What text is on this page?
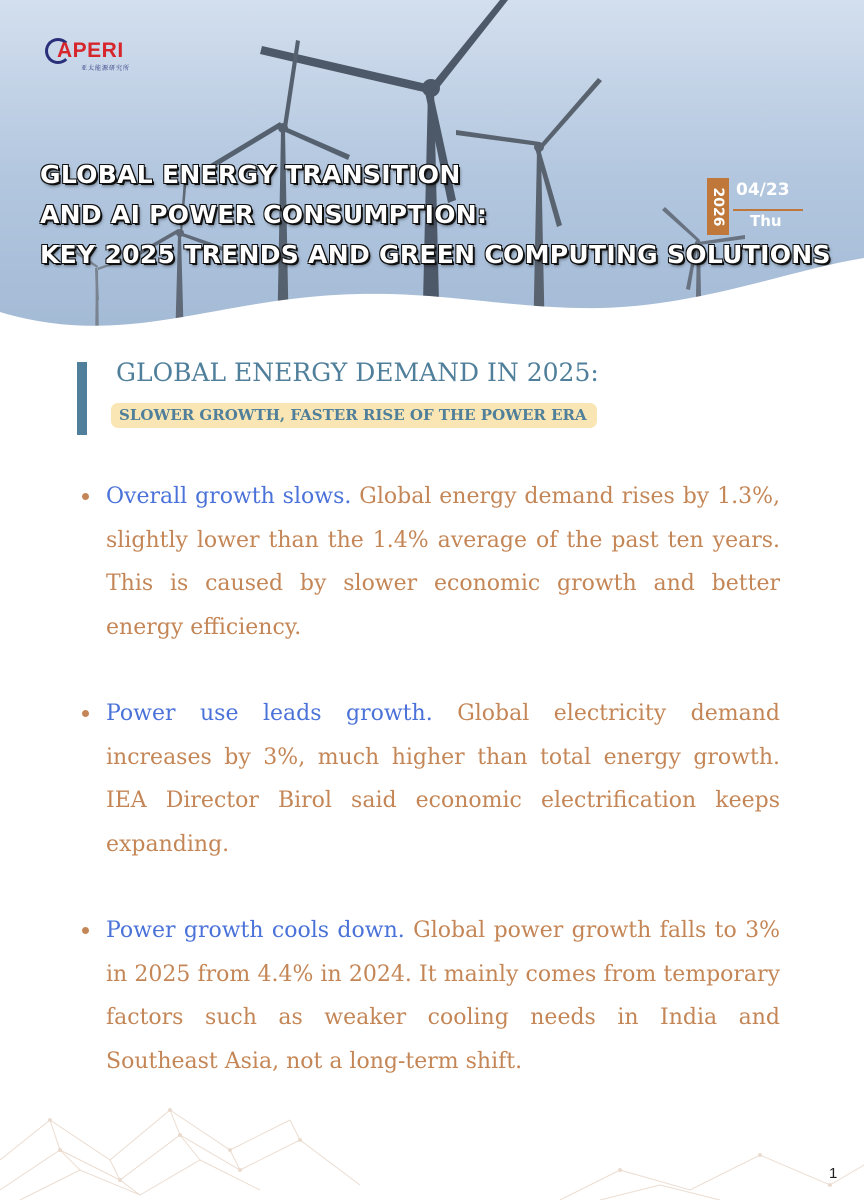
APERI
亚太能源研究所
GLOBAL ENERGY TRANSITION
AND AI POWER CONSUMPTION:
KEY 2025 TRENDS AND GREEN COMPUTING SOLUTIONS
2026 04/23
Thu
GLOBAL ENERGY DEMAND IN 2025:
SLOWER GROWTH, FASTER RISE OF THE POWER ERA
Overall growth slows. Global energy demand rises by 1.3%, slightly lower than the 1.4% average of the past ten years. This is caused by slower economic growth and better energy efficiency.
Power use leads growth. Global electricity demand increases by 3%, much higher than total energy growth. IEA Director Birol said economic electrification keeps expanding.
Power growth cools down. Global power growth falls to 3% in 2025 from 4.4% in 2024. It mainly comes from temporary factors such as weaker cooling needs in India and Southeast Asia, not a long-term shift.
1
